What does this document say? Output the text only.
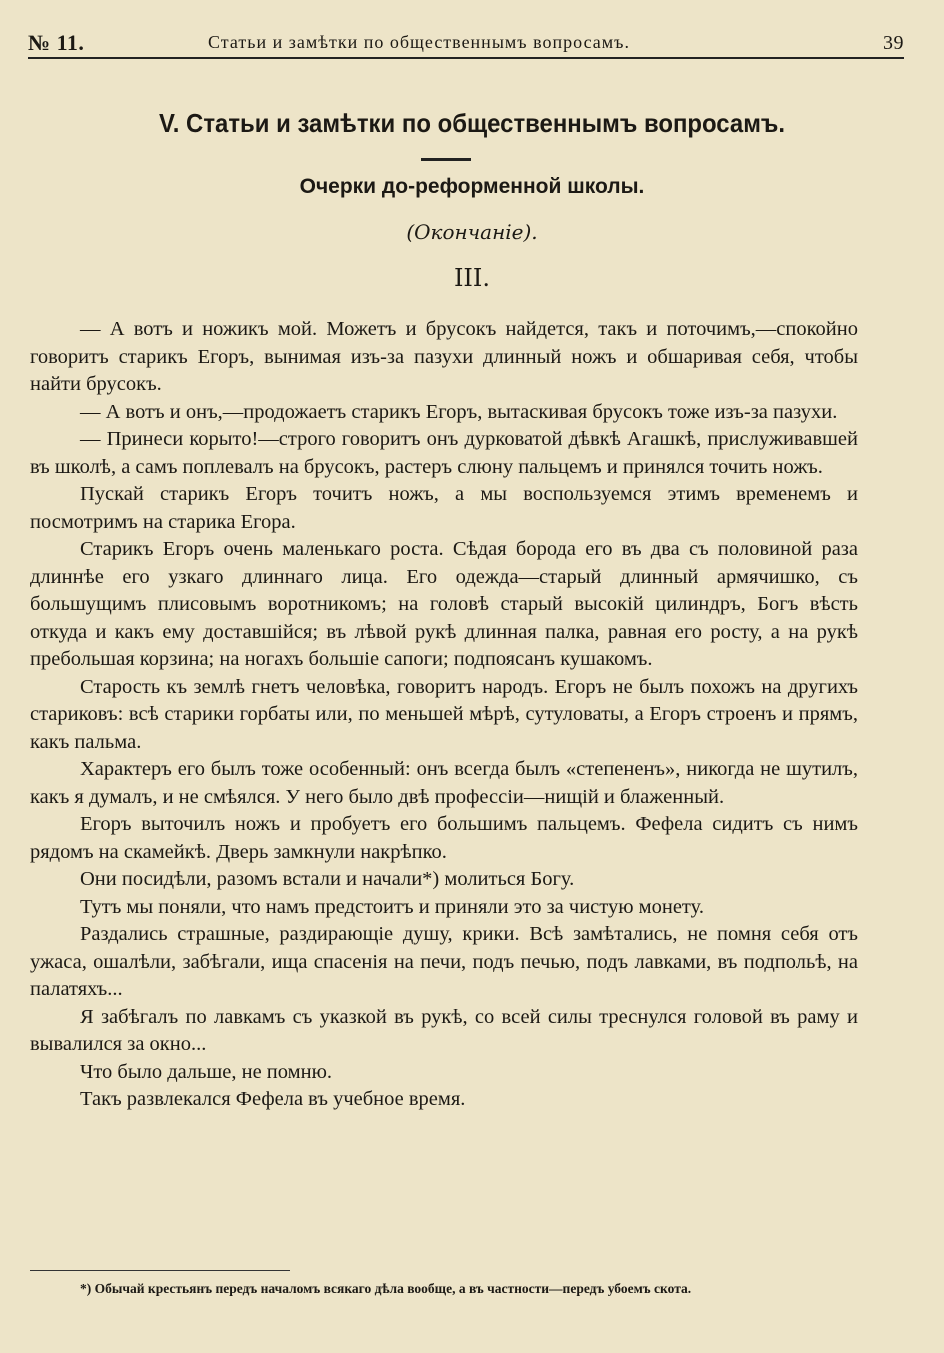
№ 11.	Статьи и замѣтки по общественнымъ вопросамъ.	39
V. Статьи и замѣтки по общественнымъ вопросамъ.
Очерки до-реформенной школы.
(Окончаніе).
III.

— А вотъ и ножикъ мой. Можетъ и брусокъ найдется, такъ и поточимъ,—спокойно говоритъ старикъ Егоръ, вынимая изъ-за пазухи длинный ножъ и обшаривая себя, чтобы найти брусокъ.

— А вотъ и онъ,—продожаетъ старикъ Егоръ, вытаскивая брусокъ тоже изъ-за пазухи.

— Принеси корыто!—строго говоритъ онъ дурковатой дѣвкѣ Агашкѣ, прислуживавшей въ школѣ, а самъ поплевалъ на брусокъ, растеръ слюну пальцемъ и принялся точить ножъ.

Пускай старикъ Егоръ точитъ ножъ, а мы воспользуемся этимъ временемъ и посмотримъ на старика Егора.

Старикъ Егоръ очень маленькаго роста. Сѣдая борода его въ два съ половиной раза длиннѣе его узкаго длиннаго лица. Его одежда—старый длинный армячишко, съ большущимъ плисовымъ воротникомъ; на головѣ старый высокій цилиндръ, Богъ вѣсть откуда и какъ ему доставшійся; въ лѣвой рукѣ длинная палка, равная его росту, а на рукѣ пребольшая корзина; на ногахъ большіе сапоги; подпоясанъ кушакомъ.

Старость къ землѣ гнетъ человѣка, говоритъ народъ. Егоръ не былъ похожъ на другихъ стариковъ: всѣ старики горбаты или, по меньшей мѣрѣ, сутуловаты, а Егоръ строенъ и прямъ, какъ пальма.

Характеръ его былъ тоже особенный: онъ всегда былъ «степененъ», никогда не шутилъ, какъ я думалъ, и не смѣялся. У него было двѣ профессіи—нищій и блаженный.

Егоръ выточилъ ножъ и пробуетъ его большимъ пальцемъ. Фефела сидитъ съ нимъ рядомъ на скамейкѣ. Дверь замкнули накрѣпко.

Они посидѣли, разомъ встали и начали*) молиться Богу.

Тутъ мы поняли, что намъ предстоитъ и приняли это за чистую монету.

Раздались страшные, раздирающіе душу, крики. Всѣ замѣтались, не помня себя отъ ужаса, ошалѣли, забѣгали, ища спасенія на печи, подъ печью, подъ лавками, въ подпольѣ, на палатяхъ...

Я забѣгалъ по лавкамъ съ указкой въ рукѣ, со всей силы треснулся головой въ раму и вывалился за окно...

Что было дальше, не помню.

Такъ развлекался Фефела въ учебное время.

*) Обычай крестьянъ передъ началомъ всякаго дѣла вообще, а въ частности—передъ убоемъ скота.
